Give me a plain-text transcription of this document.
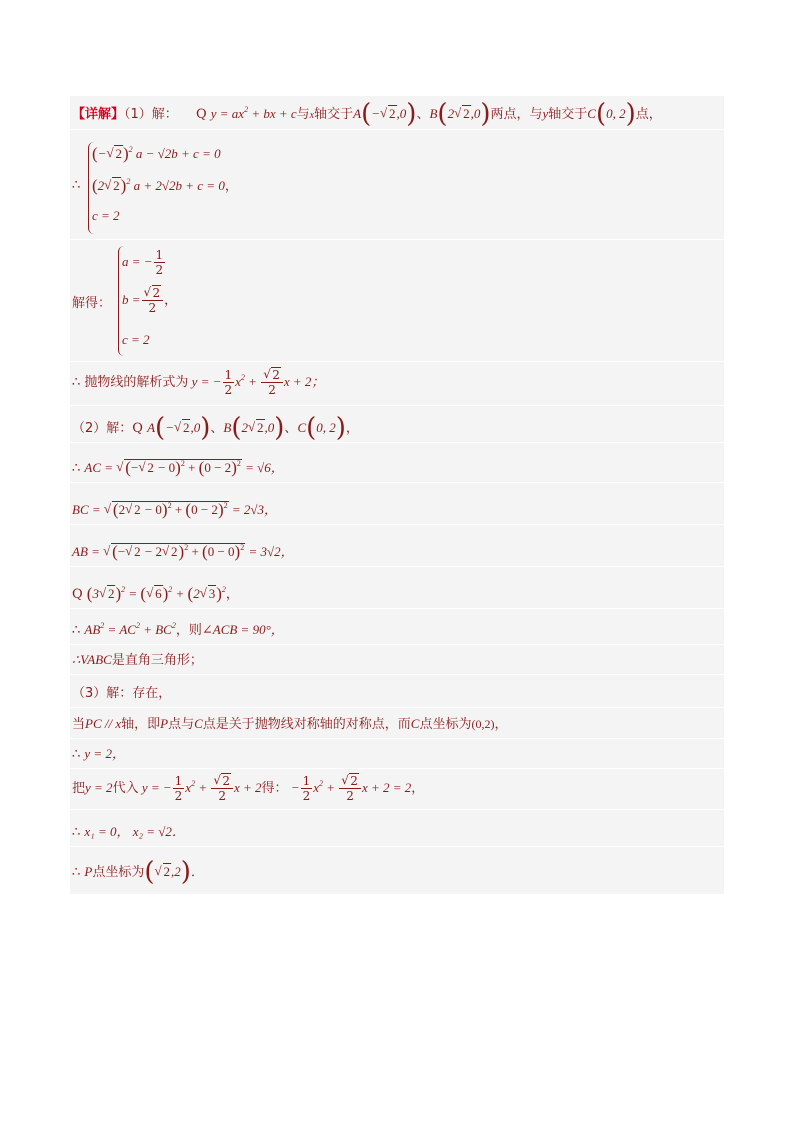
【详解】（1）解： Q $y = ax^2$ + bx + c与x轴交于A(− √ 2,0)、B(2 √ 2,0)两点，与y轴交于C(0, 2)点，
∴
(− √ 2)$^2$ a − √2b + c = 0
(2 √ 2)$^2$ a + 2√2b + c = 0，
c = 2
解得：
a = − $\frac{1}{2}$
b = √ $\frac{2}{2}$ ，
c = 2
∴ 抛物线的解析式为 y = − $\frac{1}{2} x^2$ + √ $\frac{2}{2}$ x + 2；
（2）解：Q A(− √ 2,0)、B(2 √ 2,0)、C(0, 2)，
∴ AC = √ (− √ $2 - 0)^2 + (0 - 2)^2 = √6$，
BC = √ (2 √ $2 - 0)^2 + (0 - 2)^2 = 2√3$，
AB = √ (− √ 2 − 2 √ $2)^2 + (0 - 0)^2 = 3√2$，
Q (3 √ 2)$^2$ = ( √ 6)$^2$ + (2 √ 3)$^2$，
∴ $AB^2 = AC^2 + BC^2$，则∠ACB = 90°，
∴VABC是直角三角形；
（3）解：存在，
当PC // x轴，即P点与C点是关于抛物线对称轴的对称点，而C点坐标为(0,2)，
∴ y = 2，
把y = 2代入 y = − $\frac{1}{2} x^2$ + √ $\frac{2}{2}$ x + 2得： − $\frac{1}{2} x^2$ + √ $\frac{2}{2}$ x + 2 = 2，
∴ x₁ = 0， x₂ = √2．
∴ P点坐标为( √ 2,2)．
